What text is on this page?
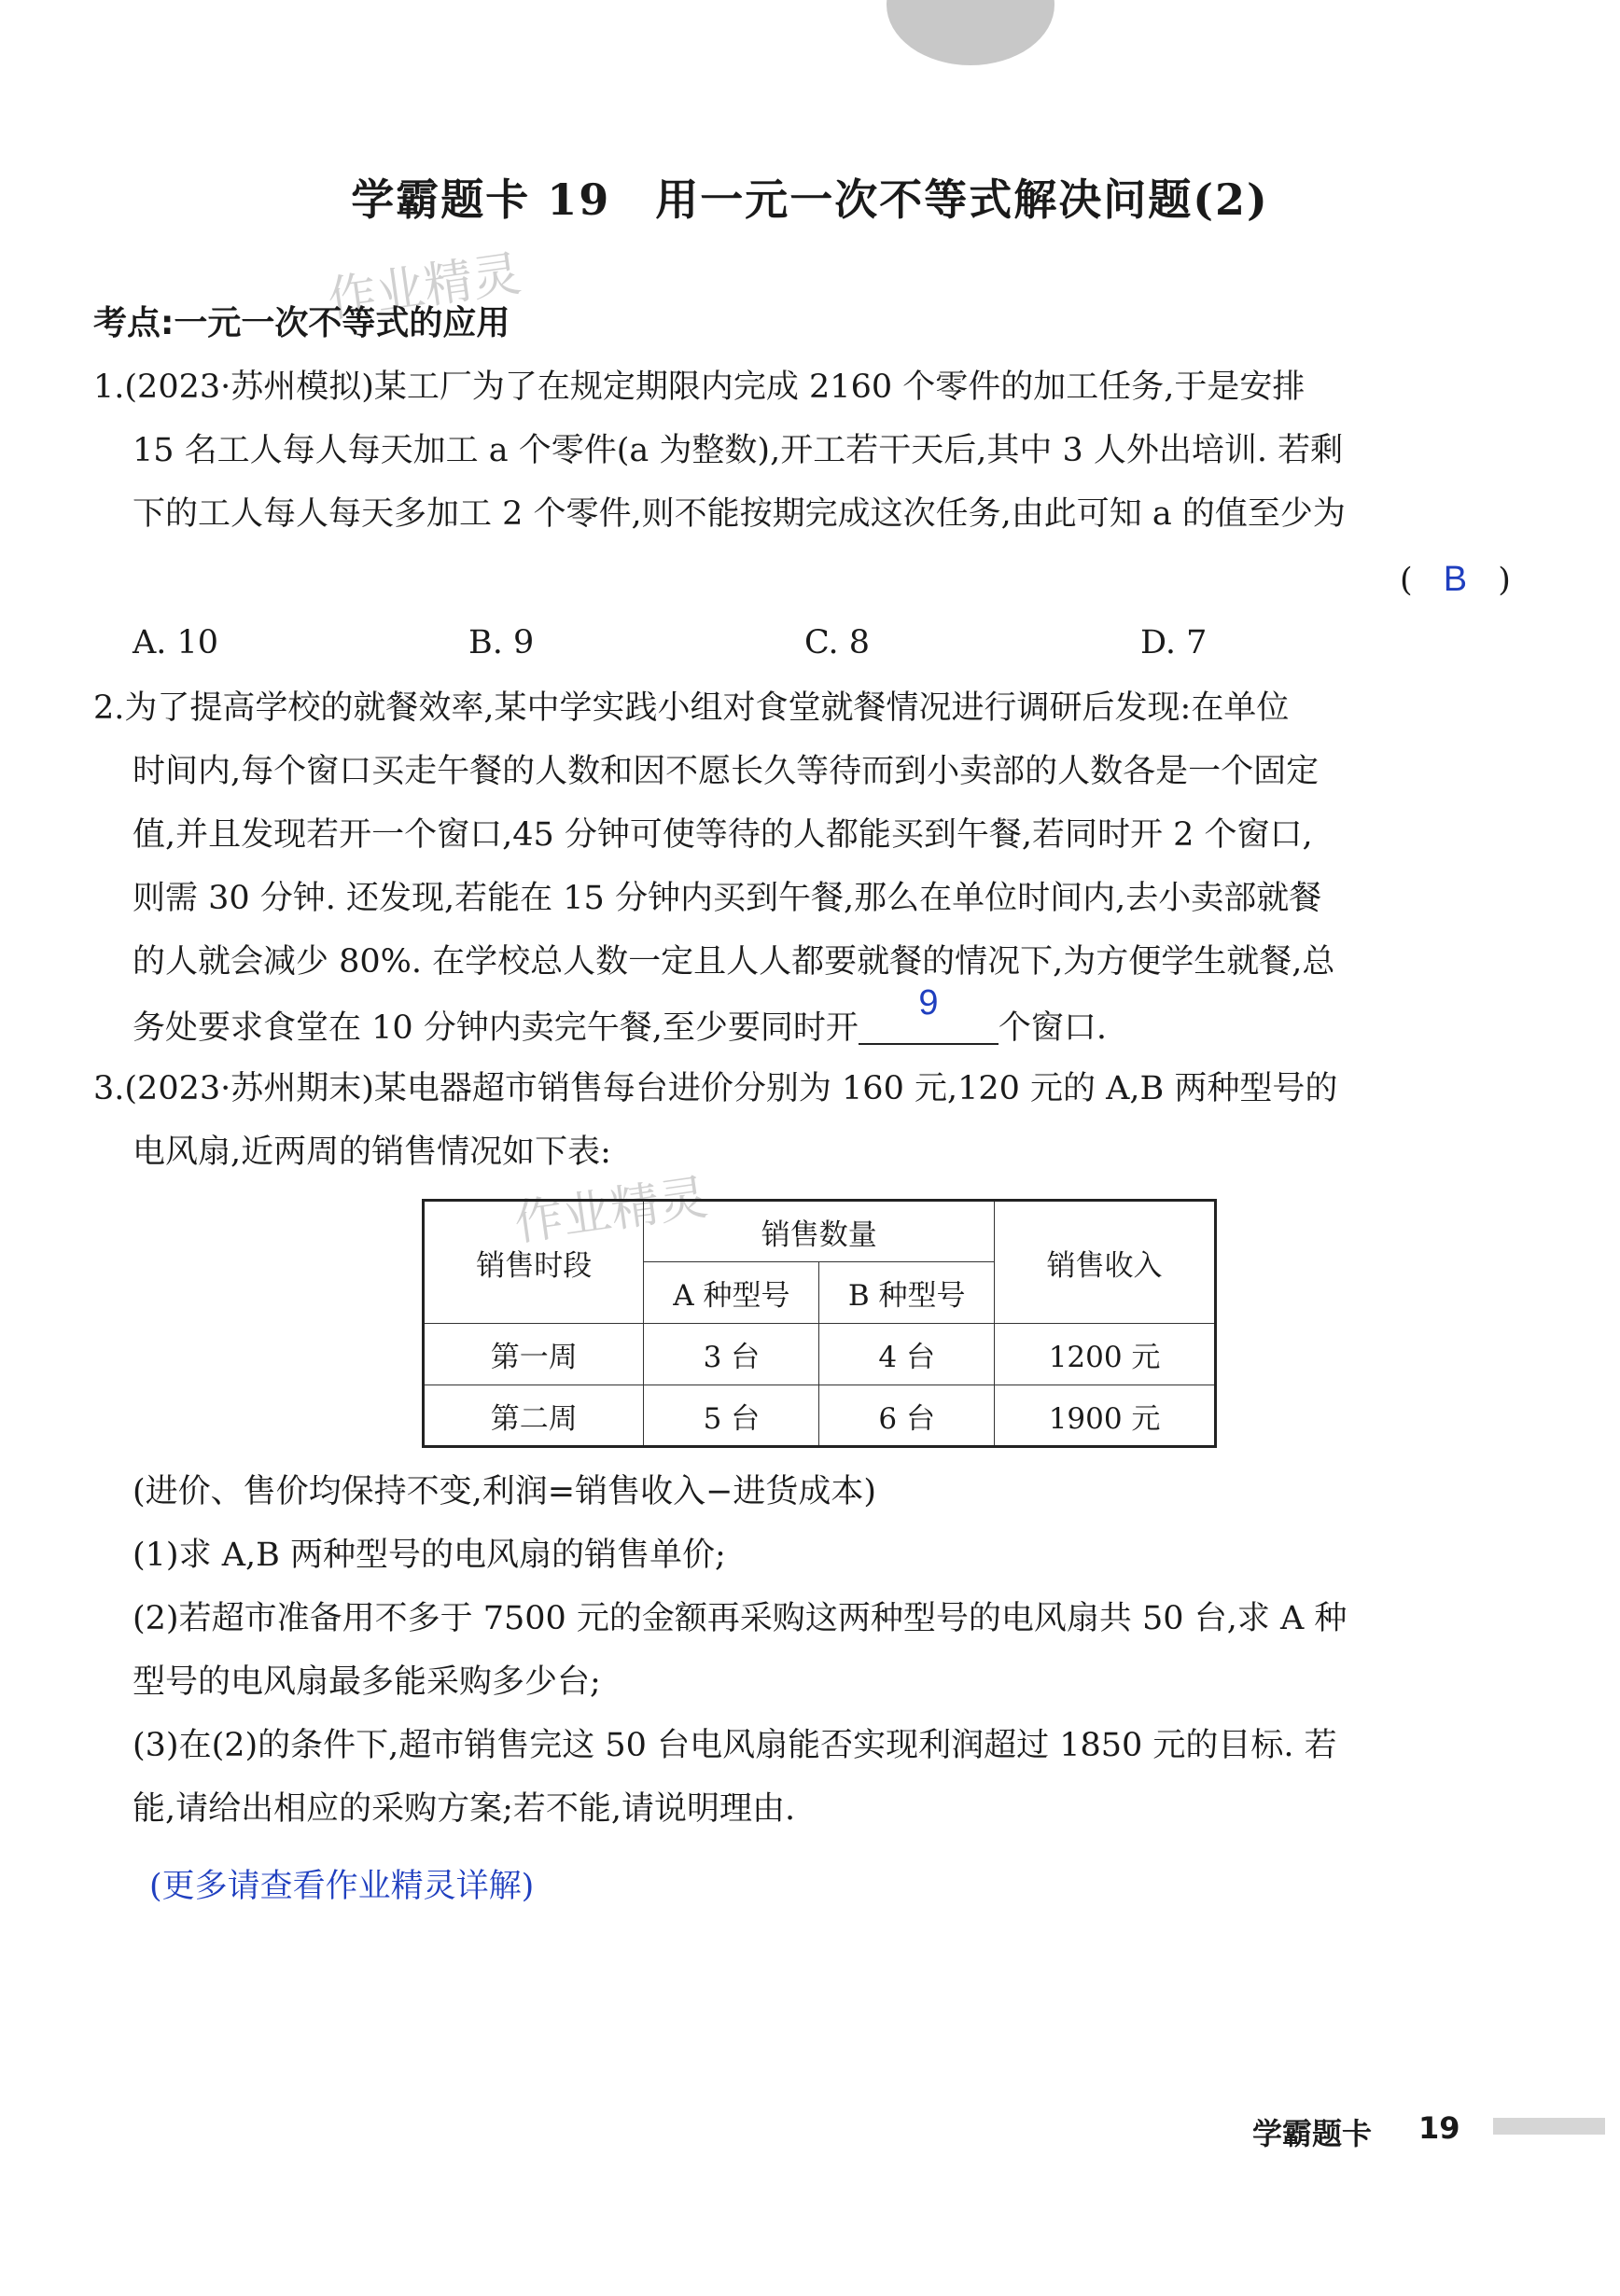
学霸题卡 19　用一元一次不等式解决问题(2)
作业精灵
作业精灵
考点:一元一次不等式的应用
1.(2023·苏州模拟)某工厂为了在规定期限内完成 2160 个零件的加工任务,于是安排
15 名工人每人每天加工 a 个零件(a 为整数),开工若干天后,其中 3 人外出培训. 若剩
下的工人每人每天多加工 2 个零件,则不能按期完成这次任务,由此可知 a 的值至少为
( B )
A. 10	B. 9	C. 8	D. 7
2.为了提高学校的就餐效率,某中学实践小组对食堂就餐情况进行调研后发现:在单位
时间内,每个窗口买走午餐的人数和因不愿长久等待而到小卖部的人数各是一个固定
值,并且发现若开一个窗口,45 分钟可使等待的人都能买到午餐,若同时开 2 个窗口,
则需 30 分钟. 还发现,若能在 15 分钟内买到午餐,那么在单位时间内,去小卖部就餐
的人就会减少 80%. 在学校总人数一定且人人都要就餐的情况下,为方便学生就餐,总
务处要求食堂在 10 分钟内卖完午餐,至少要同时开
9
个窗口.
3.(2023·苏州期末)某电器超市销售每台进价分别为 160 元,120 元的 A,B 两种型号的
电风扇,近两周的销售情况如下表:
销售时段	销售数量		销售收入
	A 种型号	B 种型号	
第一周	3 台	4 台	1200 元
第二周	5 台	6 台	1900 元
(进价、售价均保持不变,利润=销售收入−进货成本)
(1)求 A,B 两种型号的电风扇的销售单价;
(2)若超市准备用不多于 7500 元的金额再采购这两种型号的电风扇共 50 台,求 A 种
型号的电风扇最多能采购多少台;
(3)在(2)的条件下,超市销售完这 50 台电风扇能否实现利润超过 1850 元的目标. 若
能,请给出相应的采购方案;若不能,请说明理由.
(更多请查看作业精灵详解)
学霸题卡 19
